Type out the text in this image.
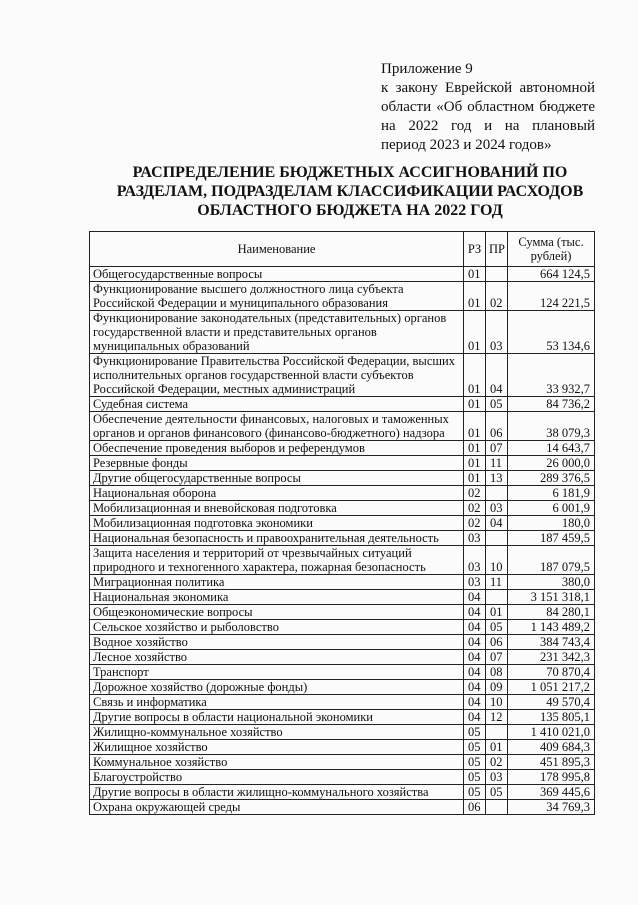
Приложение 9

к закону Еврейской автономной области «Об областном бюджете на 2022 год и на плановый период 2023 и 2024 годов»

РАСПРЕДЕЛЕНИЕ БЮДЖЕТНЫХ АССИГНОВАНИЙ ПО
РАЗДЕЛАМ, ПОДРАЗДЕЛАМ КЛАССИФИКАЦИИ РАСХОДОВ
ОБЛАСТНОГО БЮДЖЕТА НА 2022 ГОД
Наименование	РЗ	ПР	Сумма (тыс. рублей)
Общегосударственные вопросы	01		664 124,5
Функционирование высшего должностного лица субъекта Российской Федерации и муниципального образования	01	02	124 221,5
Функционирование законодательных (представительных) органов государственной власти и представительных органов муниципальных образований	01	03	53 134,6
Функционирование Правительства Российской Федерации, высших исполнительных органов государственной власти субъектов Российской Федерации, местных администраций	01	04	33 932,7
Судебная система	01	05	84 736,2
Обеспечение деятельности финансовых, налоговых и таможенных органов и органов финансового (финансово-бюджетного) надзора	01	06	38 079,3
Обеспечение проведения выборов и референдумов	01	07	14 643,7
Резервные фонды	01	11	26 000,0
Другие общегосударственные вопросы	01	13	289 376,5
Национальная оборона	02		6 181,9
Мобилизационная и вневойсковая подготовка	02	03	6 001,9
Мобилизационная подготовка экономики	02	04	180,0
Национальная безопасность и правоохранительная деятельность	03		187 459,5
Защита населения и территорий от чрезвычайных ситуаций природного и техногенного характера, пожарная безопасность	03	10	187 079,5
Миграционная политика	03	11	380,0
Национальная экономика	04		3 151 318,1
Общеэкономические вопросы	04	01	84 280,1
Сельское хозяйство и рыболовство	04	05	1 143 489,2
Водное хозяйство	04	06	384 743,4
Лесное хозяйство	04	07	231 342,3
Транспорт	04	08	70 870,4
Дорожное хозяйство (дорожные фонды)	04	09	1 051 217,2
Связь и информатика	04	10	49 570,4
Другие вопросы в области национальной экономики	04	12	135 805,1
Жилищно-коммунальное хозяйство	05		1 410 021,0
Жилищное хозяйство	05	01	409 684,3
Коммунальное хозяйство	05	02	451 895,3
Благоустройство	05	03	178 995,8
Другие вопросы в области жилищно-коммунального хозяйства	05	05	369 445,6
Охрана окружающей среды	06		34 769,3
